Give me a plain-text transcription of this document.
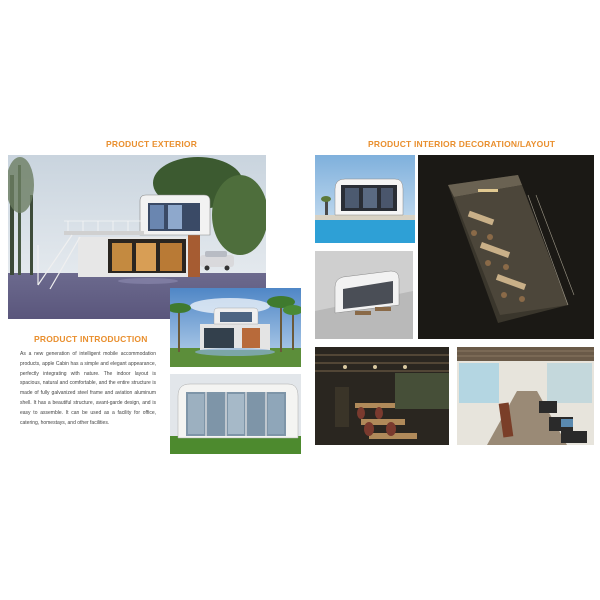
PRODUCT EXTERIOR	PRODUCT INTERIOR DECORATION/LAYOUT
PRODUCT INTRODUCTION
As a new generation of intelligent mobile accommodation products, apple Cabin has a simple and elegant appearance, perfectly integrating with nature. The indoor layout is spacious, natural and comfortable, and the entire structure is made of fully galvanized steel frame and aviation aluminum shell. It has a beautiful structure, avant-garde design, and is easy to assemble. It can be used as a facility for office, catering, homestays, and other facilities.
